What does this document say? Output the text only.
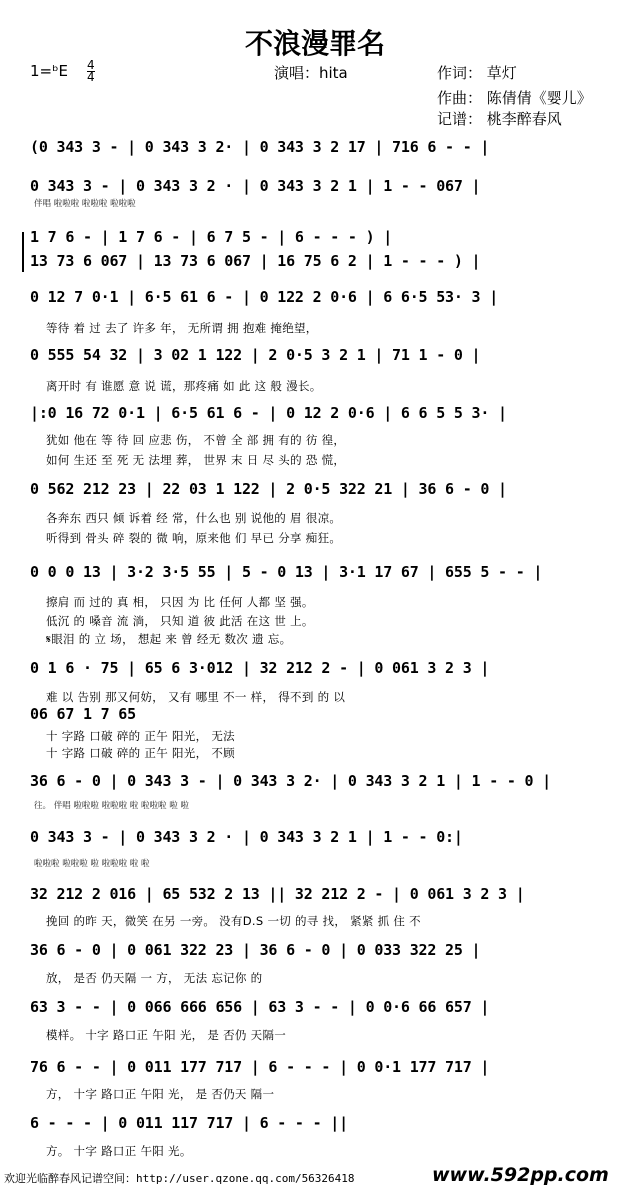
不浪漫罪名
1=ᵇE $\frac{4}{4}$	演唱：hita	作词： 草灯
作曲： 陈倩倩《婴儿》
记谱： 桃李醉春风
(0 343 3 - | 0 343 3 2· | 0 343 3 2 17 | 716 6 - - |
0 343 3 - | 0 343 3 2 · | 0 343 3 2 1 | 1 - - 067 |
伴唱 啦啦啦 啦啦啦 啦啦啦
1 7 6 - | 1 7 6 - | 6 7 5 - | 6 - - - ) |
13 73 6 067 | 13 73 6 067 | 16 75 6 2 | 1 - - - ) |
0 12 7 0·1 | 6·5 61 6 - | 0 122 2 0·6 | 6 6·5 53· 3 |
等待 着 过 去了 许多 年， 无所谓 拥 抱难 掩绝望，
0 555 54 32 | 3 02 1 122 | 2 0·5 3 2 1 | 71 1 - 0 |
离开时 有 谁愿 意 说 谎，那疼痛 如 此 这 般 漫长。
|:0 16 72 0·1 | 6·5 61 6 - | 0 12 2 0·6 | 6 6 5 5 3· |
犹如 他在 等 待 回 应悲 伤， 不曾 全 部 拥 有的 彷 徨，
如何 生还 至 死 无 法埋 葬， 世界 末 日 尽 头的 恐 慌，
0 562 212 23 | 22 03 1 122 | 2 0·5 322 21 | 36 6 - 0 |
各奔东 西只 倾 诉着 经 常，什么也 别 说他的 眉 很凉。
听得到 骨头 碎 裂的 微 响，原来他 们 早已 分享 痴狂。
0 0 0 13 | 3·2 3·5 55 | 5 - 0 13 | 3·1 17 67 | 655 5 - - |
擦肩 而 过的 真 相， 只因 为 比 任何 人都 坚 强。
低沉 的 嗓音 流 淌， 只知 道 彼 此活 在这 世 上。
𝄋眼泪 的 立 场， 想起 来 曾 经无 数次 遗 忘。
0 1 6 · 75 | 65 6 3·012 | 32 212 2 - | 0 061 3 2 3 |
难 以 告别 那又何妨， 又有 哪里 不一 样， 得不到 的 以
06 67 1 7 65
十 字路 口破 碎的 正午 阳光， 无法
十 字路 口破 碎的 正午 阳光， 不顾
36 6 - 0 | 0 343 3 - | 0 343 3 2· | 0 343 3 2 1 | 1 - - 0 |
往。 伴唱 啦啦啦 啦啦啦 啦 啦啦啦 啦 啦
0 343 3 - | 0 343 3 2 · | 0 343 3 2 1 | 1 - - 0:|
啦啦啦 啦啦啦 啦 啦啦啦 啦 啦
32 212 2 016 | 65 532 2 13 || 32 212 2 - | 0 061 3 2 3 |
挽回 的昨 天，微笑 在另 一旁。 没有D.S 一切 的寻 找， 紧紧 抓 住 不
36 6 - 0 | 0 061 322 23 | 36 6 - 0 | 0 033 322 25 |
放， 是否 仍天隔 一 方， 无法 忘记你 的
63 3 - - | 0 066 666 656 | 63 3 - - | 0 0·6 66 657 |
模样。 十字 路口正 午阳 光， 是 否仍 天隔一
76 6 - - | 0 011 177 717 | 6 - - - | 0 0·1 177 717 |
方， 十字 路口正 午阳 光， 是 否仍天 隔一
6 - - - | 0 011 117 717 | 6 - - - ||
方。 十字 路口正 午阳 光。
欢迎光临醉春风记谱空间：http://user.qzone.qq.com/56326418	www.592pp.com
